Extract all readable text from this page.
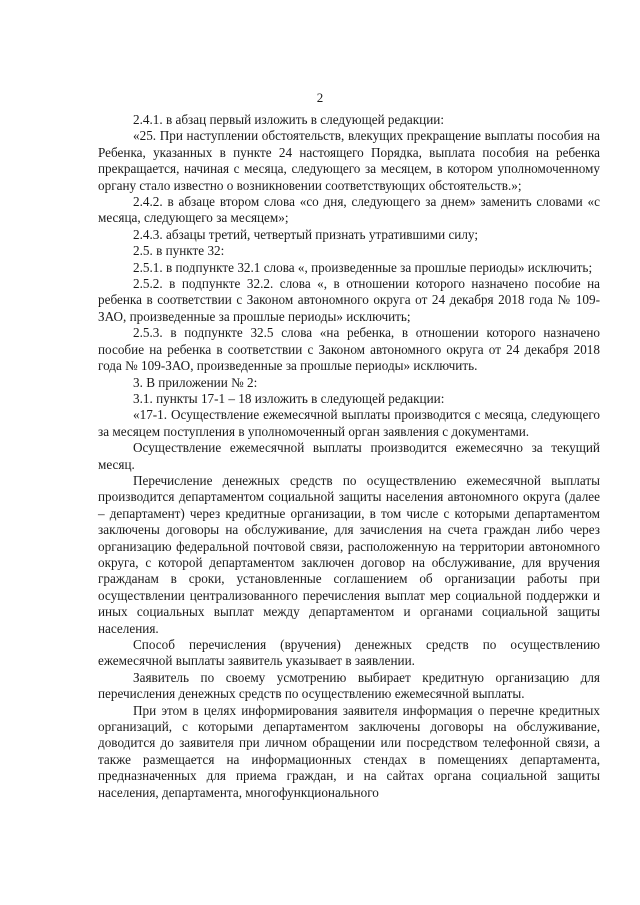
2

2.4.1. в абзац первый изложить в следующей редакции:

«25. При наступлении обстоятельств, влекущих прекращение выплаты пособия на Ребенка, указанных в пункте 24 настоящего Порядка, выплата пособия на ребенка прекращается, начиная с месяца, следующего за месяцем, в котором уполномоченному органу стало известно о возникновении соответствующих обстоятельств.»;

2.4.2. в абзаце втором слова «со дня, следующего за днем» заменить словами «с месяца, следующего за месяцем»;

2.4.3. абзацы третий, четвертый признать утратившими силу;

2.5. в пункте 32:

2.5.1. в подпункте 32.1 слова «, произведенные за прошлые периоды» исключить;

2.5.2. в подпункте 32.2. слова «, в отношении которого назначено пособие на ребенка в соответствии с Законом автономного округа от 24 декабря 2018 года № 109-ЗАО, произведенные за прошлые периоды» исключить;

2.5.3. в подпункте 32.5 слова «на ребенка, в отношении которого назначено пособие на ребенка в соответствии с Законом автономного округа от 24 декабря 2018 года № 109-ЗАО, произведенные за прошлые периоды» исключить.

3. В приложении № 2:

3.1. пункты 17-1 – 18 изложить в следующей редакции:

«17-1. Осуществление ежемесячной выплаты производится с месяца, следующего за месяцем поступления в уполномоченный орган заявления с документами.

Осуществление ежемесячной выплаты производится ежемесячно за текущий месяц.

Перечисление денежных средств по осуществлению ежемесячной выплаты производится департаментом социальной защиты населения автономного округа (далее – департамент) через кредитные организации, в том числе с которыми департаментом заключены договоры на обслуживание, для зачисления на счета граждан либо через организацию федеральной почтовой связи, расположенную на территории автономного округа, с которой департаментом заключен договор на обслуживание, для вручения гражданам в сроки, установленные соглашением об организации работы при осуществлении централизованного перечисления выплат мер социальной поддержки и иных социальных выплат между департаментом и органами социальной защиты населения.

Способ перечисления (вручения) денежных средств по осуществлению ежемесячной выплаты заявитель указывает в заявлении.

Заявитель по своему усмотрению выбирает кредитную организацию для перечисления денежных средств по осуществлению ежемесячной выплаты.

При этом в целях информирования заявителя информация о перечне кредитных организаций, с которыми департаментом заключены договоры на обслуживание, доводится до заявителя при личном обращении или посредством телефонной связи, а также размещается на информационных стендах в помещениях департамента, предназначенных для приема граждан, и на сайтах органа социальной защиты населения, департамента, многофункционального
